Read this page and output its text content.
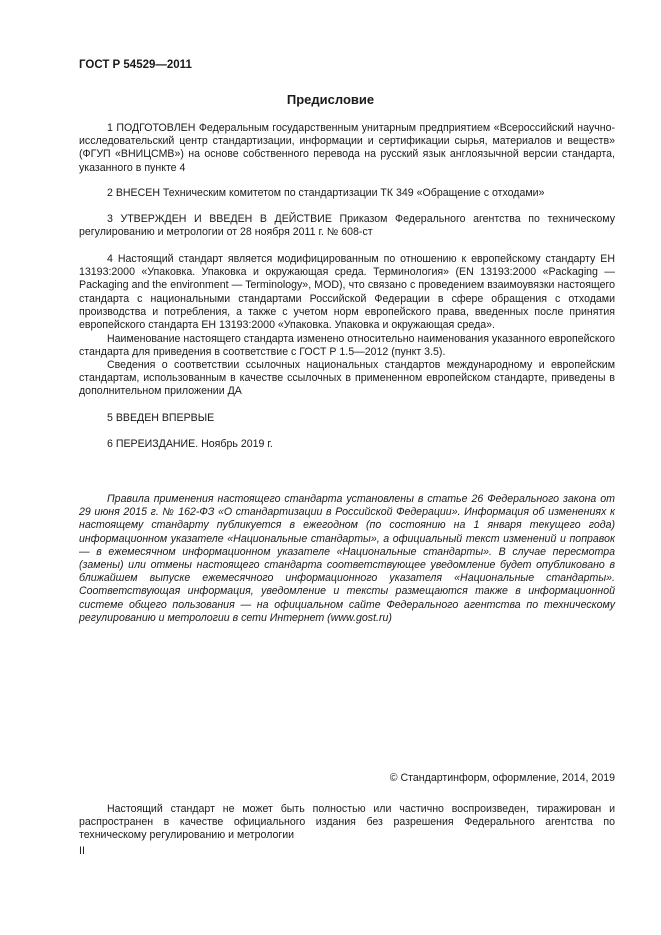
ГОСТ Р 54529—2011
Предисловие

1 ПОДГОТОВЛЕН Федеральным государственным унитарным предприятием «Всероссийский научно-исследовательский центр стандартизации, информации и сертификации сырья, материалов и веществ» (ФГУП «ВНИЦСМВ») на основе собственного перевода на русский язык англоязычной версии стандарта, указанного в пункте 4

2 ВНЕСЕН Техническим комитетом по стандартизации ТК 349 «Обращение с отходами»

3 УТВЕРЖДЕН И ВВЕДЕН В ДЕЙСТВИЕ Приказом Федерального агентства по техническому регулированию и метрологии от 28 ноября 2011 г. № 608-ст

4 Настоящий стандарт является модифицированным по отношению к европейскому стандарту ЕН 13193:2000 «Упаковка. Упаковка и окружающая среда. Терминология» (EN 13193:2000 «Packaging — Packaging and the environment — Terminology», MOD), что связано с проведением взаимоувязки настоящего стандарта с национальными стандартами Российской Федерации в сфере обращения с отходами производства и потребления, а также с учетом норм европейского права, введенных после принятия европейского стандарта ЕН 13193:2000 «Упаковка. Упаковка и окружающая среда».

Наименование настоящего стандарта изменено относительно наименования указанного европейского стандарта для приведения в соответствие с ГОСТ Р 1.5—2012 (пункт 3.5).

Сведения о соответствии ссылочных национальных стандартов международному и европейским стандартам, использованным в качестве ссылочных в примененном европейском стандарте, приведены в дополнительном приложении ДА

5 ВВЕДЕН ВПЕРВЫЕ

6 ПЕРЕИЗДАНИЕ. Ноябрь 2019 г.

Правила применения настоящего стандарта установлены в статье 26 Федерального закона от 29 июня 2015 г. № 162-ФЗ «О стандартизации в Российской Федерации». Информация об изменениях к настоящему стандарту публикуется в ежегодном (по состоянию на 1 января текущего года) информационном указателе «Национальные стандарты», а официальный текст изменений и поправок — в ежемесячном информационном указателе «Национальные стандарты». В случае пересмотра (замены) или отмены настоящего стандарта соответствующее уведомление будет опубликовано в ближайшем выпуске ежемесячного информационного указателя «Национальные стандарты». Соответствующая информация, уведомление и тексты размещаются также в информационной системе общего пользования — на официальном сайте Федерального агентства по техническому регулированию и метрологии в сети Интернет (www.gost.ru)

© Стандартинформ, оформление, 2014, 2019

Настоящий стандарт не может быть полностью или частично воспроизведен, тиражирован и распространен в качестве официального издания без разрешения Федерального агентства по техническому регулированию и метрологии

II
